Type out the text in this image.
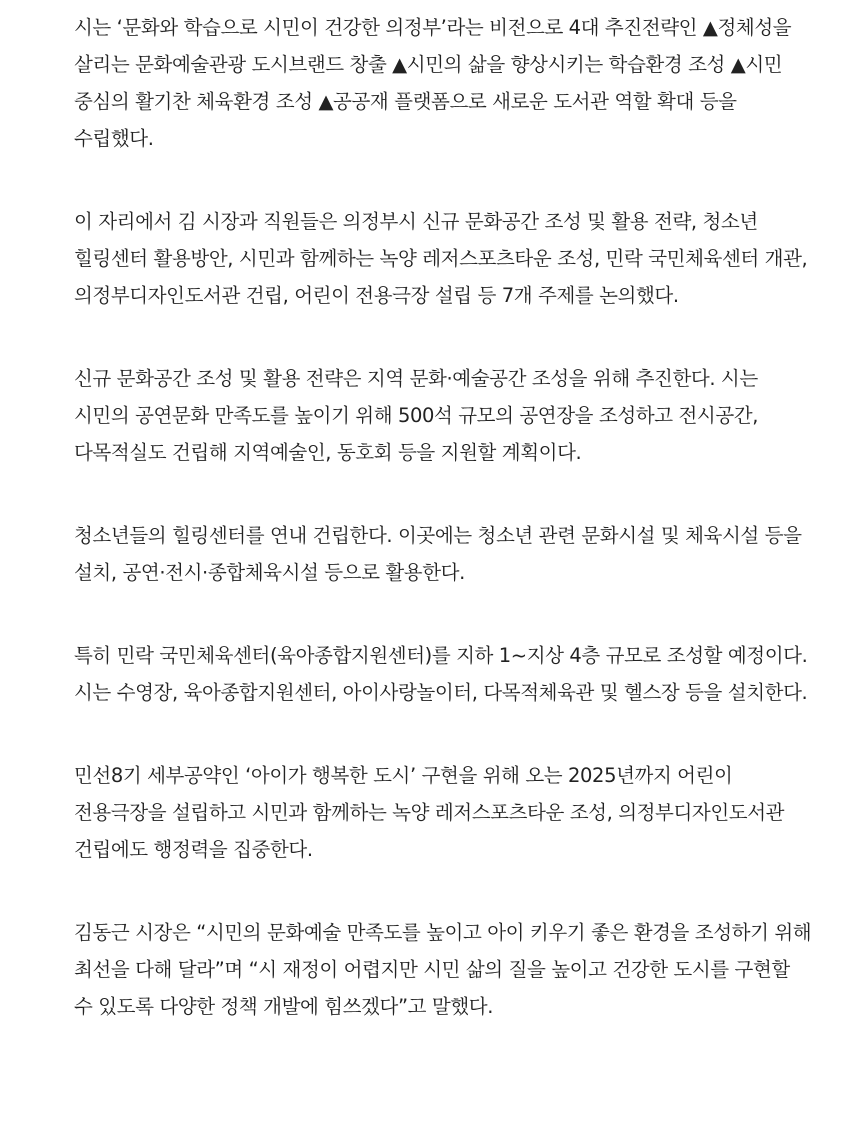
시는 ‘문화와 학습으로 시민이 건강한 의정부’라는 비전으로 4대 추진전략인 ▲정체성을 살리는 문화예술관광 도시브랜드 창출 ▲시민의 삶을 향상시키는 학습환경 조성 ▲시민 중심의 활기찬 체육환경 조성 ▲공공재 플랫폼으로 새로운 도서관 역할 확대 등을 수립했다.

이 자리에서 김 시장과 직원들은 의정부시 신규 문화공간 조성 및 활용 전략, 청소년 힐링센터 활용방안, 시민과 함께하는 녹양 레저스포츠타운 조성, 민락 국민체육센터 개관, 의정부디자인도서관 건립, 어린이 전용극장 설립 등 7개 주제를 논의했다.

신규 문화공간 조성 및 활용 전략은 지역 문화·예술공간 조성을 위해 추진한다. 시는 시민의 공연문화 만족도를 높이기 위해 500석 규모의 공연장을 조성하고 전시공간, 다목적실도 건립해 지역예술인, 동호회 등을 지원할 계획이다.

청소년들의 힐링센터를 연내 건립한다. 이곳에는 청소년 관련 문화시설 및 체육시설 등을 설치, 공연·전시·종합체육시설 등으로 활용한다.

특히 민락 국민체육센터(육아종합지원센터)를 지하 1~지상 4층 규모로 조성할 예정이다. 시는 수영장, 육아종합지원센터, 아이사랑놀이터, 다목적체육관 및 헬스장 등을 설치한다.

민선8기 세부공약인 ‘아이가 행복한 도시’ 구현을 위해 오는 2025년까지 어린이 전용극장을 설립하고 시민과 함께하는 녹양 레저스포츠타운 조성, 의정부디자인도서관 건립에도 행정력을 집중한다.

김동근 시장은 “시민의 문화예술 만족도를 높이고 아이 키우기 좋은 환경을 조성하기 위해 최선을 다해 달라”며 “시 재정이 어렵지만 시민 삶의 질을 높이고 건강한 도시를 구현할 수 있도록 다양한 정책 개발에 힘쓰겠다”고 말했다.
